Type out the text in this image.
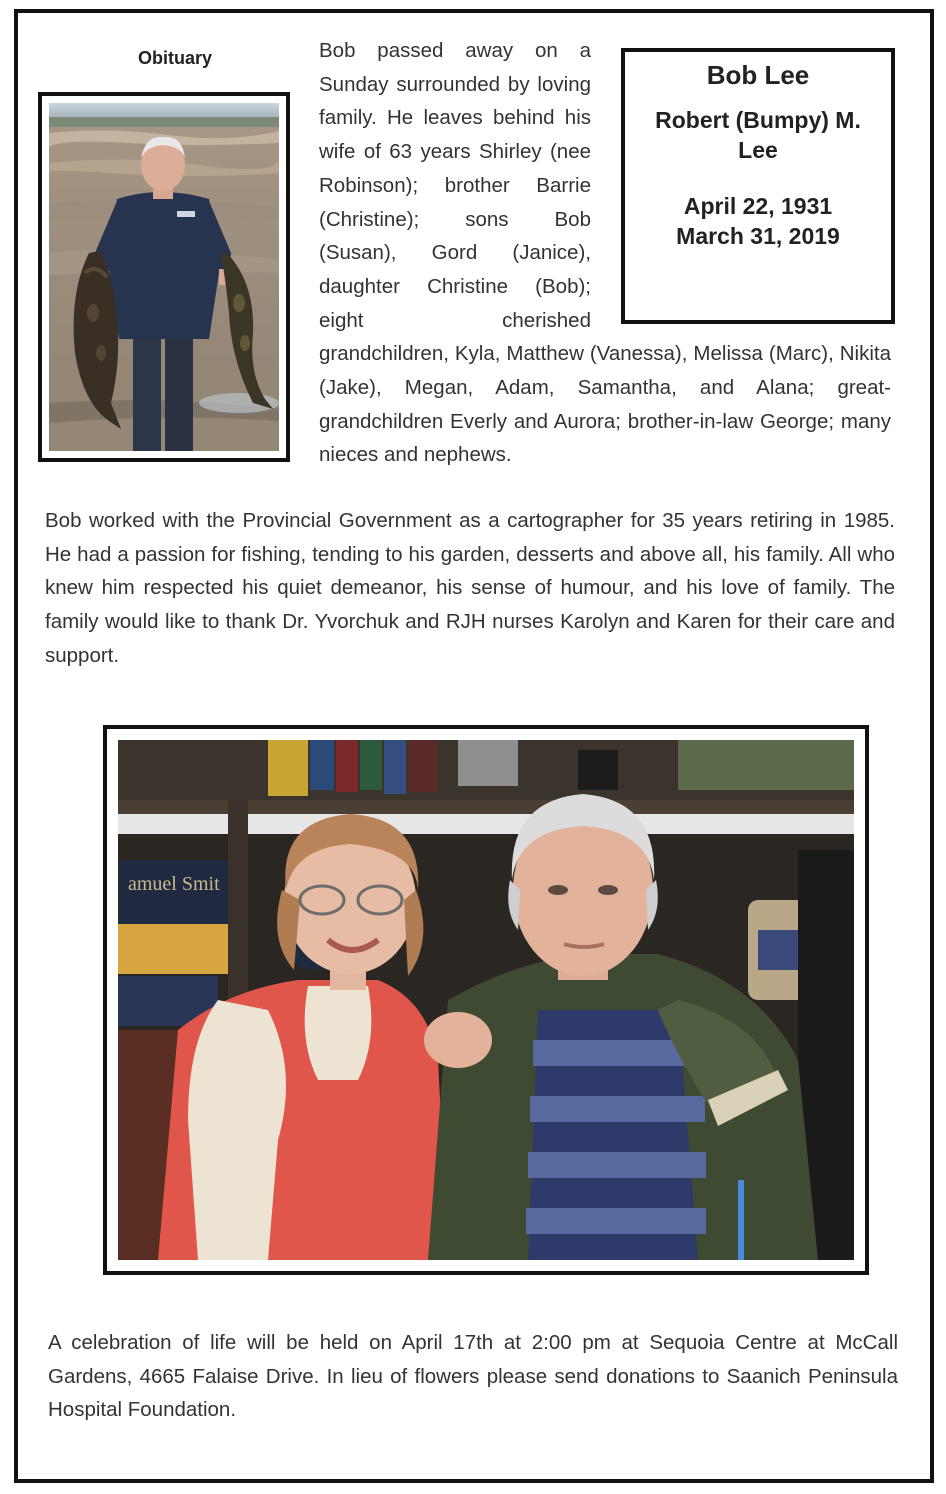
Obituary
Bob Lee
Robert (Bumpy) M. Lee
April 22, 1931
March 31, 2019
Bob passed away on a Sunday surrounded by loving family. He leaves behind his wife of 63 years Shirley (nee Robinson); brother Barrie (Christine); sons Bob (Susan), Gord (Janice), daughter Christine (Bob); eight cherished grandchildren, Kyla, Matthew (Vanessa), Melissa (Marc), Nikita (Jake), Megan, Adam, Samantha, and Alana; great-grandchildren Everly and Aurora; brother-in-law George; many nieces and nephews.

Bob worked with the Provincial Government as a cartographer for 35 years retiring in 1985. He had a passion for fishing, tending to his garden, desserts and above all, his family. All who knew him respected his quiet demeanor, his sense of humour, and his love of family. The family would like to thank Dr. Yvorchuk and RJH nurses Karolyn and Karen for their care and support.

amuel Smit

A celebration of life will be held on April 17th at 2:00 pm at Sequoia Centre at McCall Gardens, 4665 Falaise Drive. In lieu of flowers please send donations to Saanich Peninsula Hospital Foundation.
